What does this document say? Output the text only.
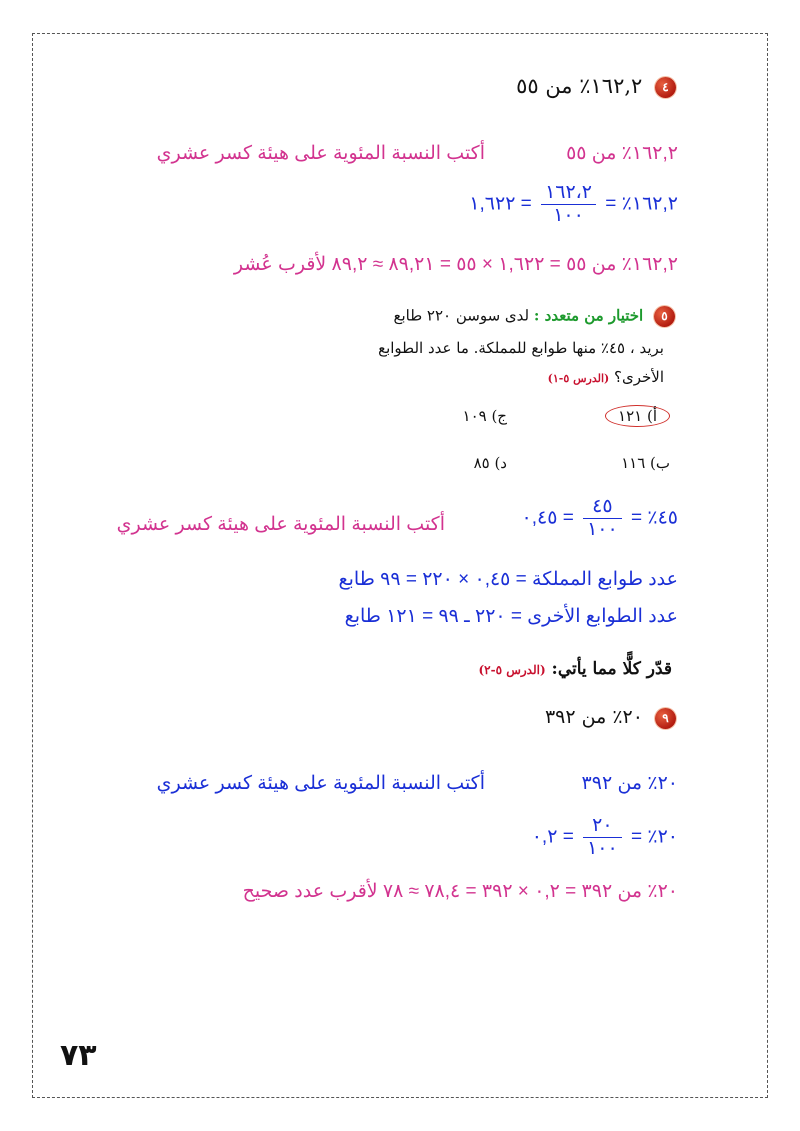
٤ ١٦٢,٢٪ من ٥٥
١٦٢,٢٪ من ٥٥
أكتب النسبة المئوية على هيئة كسر عشري
١٦٢,٢٪ =
$\frac{١٦٢،٢}{١٠٠}$
= ١,٦٢٢
١٦٢,٢٪ من ٥٥ = ١,٦٢٢ × ٥٥ = ٨٩,٢١ ≈ ٨٩,٢ لأقرب عُشر
٥ اختيار من متعدد : لدى سوسن ٢٢٠ طابع
بريد ، ٤٥٪ منها طوابع للمملكة. ما عدد الطوابع
الأخرى؟ (الدرس ٥-١)
أ) ١٢١
ج) ١٠٩
ب) ١١٦
د) ٨٥
٤٥٪ =
$\frac{٤٥}{١٠٠}$
= ٠,٤٥
أكتب النسبة المئوية على هيئة كسر عشري
عدد طوابع المملكة = ٠,٤٥ × ٢٢٠ = ٩٩ طابع
عدد الطوابع الأخرى = ٢٢٠ ـ ٩٩ = ١٢١ طابع
قدّر كلًّا مما يأتي: (الدرس ٥-٢)
٩ ٢٠٪ من ٣٩٢
٢٠٪ من ٣٩٢
أكتب النسبة المئوية على هيئة كسر عشري
٢٠٪ =
$\frac{٢٠}{١٠٠}$
= ٠,٢
٢٠٪ من ٣٩٢ = ٠,٢ × ٣٩٢ = ٧٨,٤ ≈ ٧٨ لأقرب عدد صحيح
٧٣
